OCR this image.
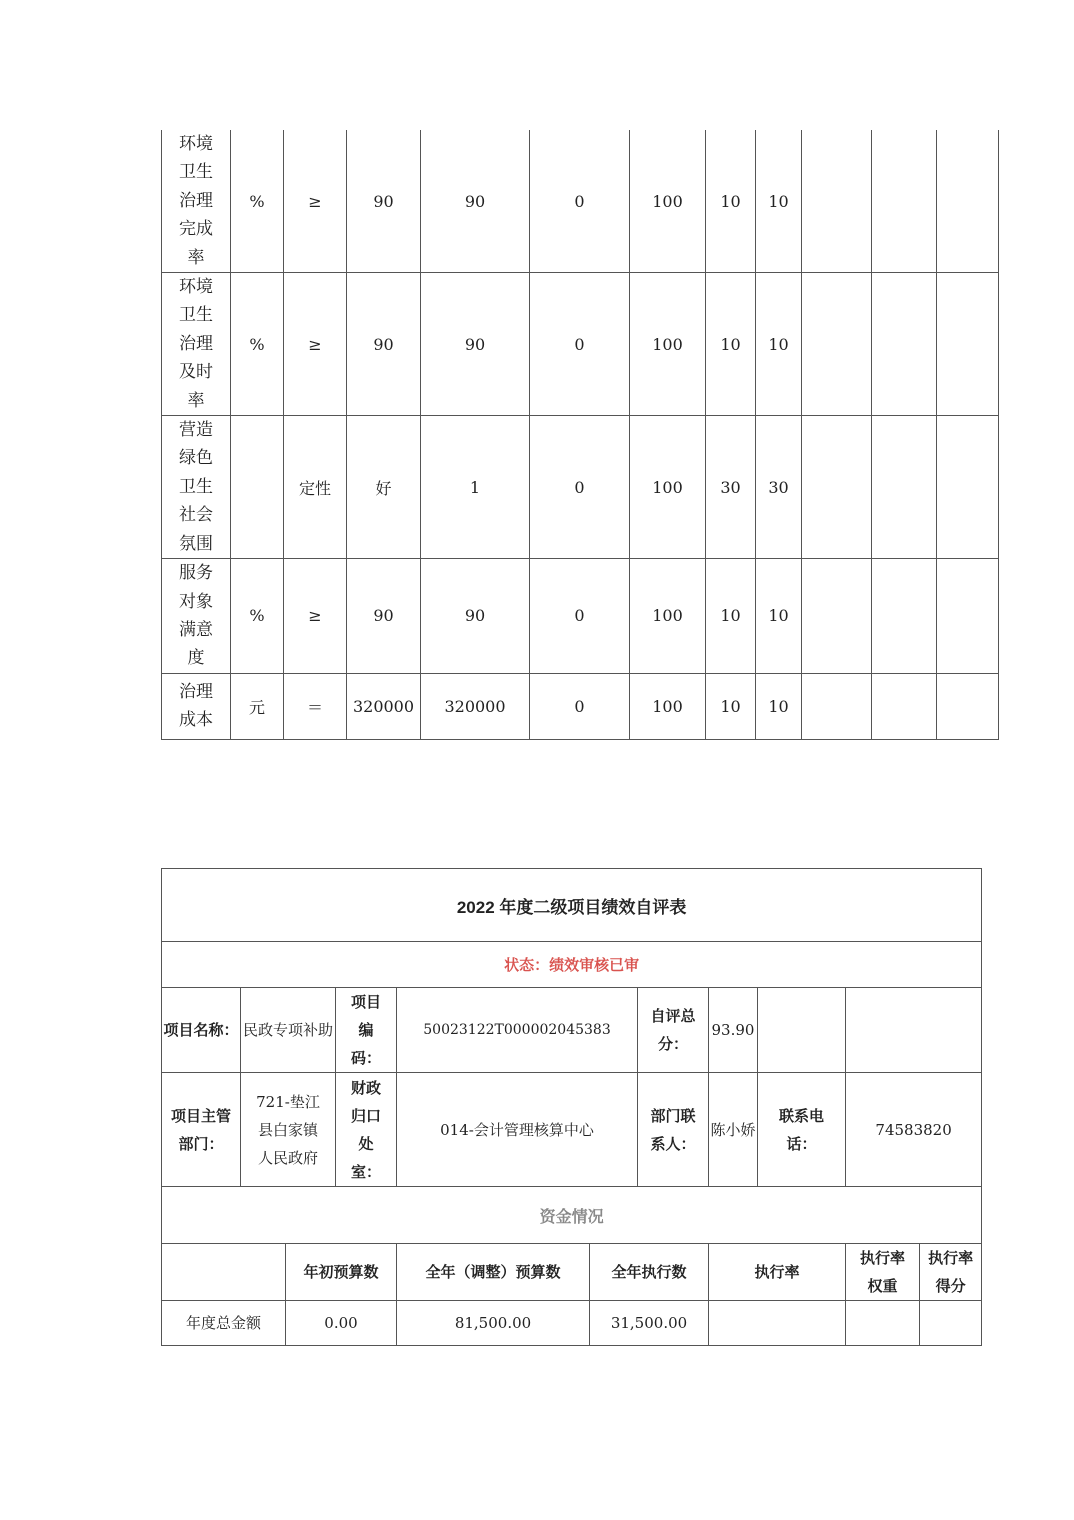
环境卫生治理完成率	%	≥	90	90	0	100	10	10			
环境卫生治理及时率	%	≥	90	90	0	100	10	10			
营造绿色卫生社会氛围		定性	好	1	0	100	30	30			
服务对象满意度	%	≥	90	90	0	100	10	10			
治理成本	元	＝	320000	320000	0	100	10	10			
2022 年度二级项目绩效自评表										
状态：绩效审核已审										
项目名称：	民政专项补助		项目编码：	50023122T000002045383		自评总分：	93.90			
项目主管部门：	721-垫江县白家镇人民政府		财政归口处室：	014-会计管理核算中心		部门联系人：	陈小娇	联系电话：	74583820	
资金情况										
		年初预算数		全年（调整）预算数	全年执行数		执行率		执行率权重	执行率得分
年度总金额		0.00		81,500.00	31,500.00					
